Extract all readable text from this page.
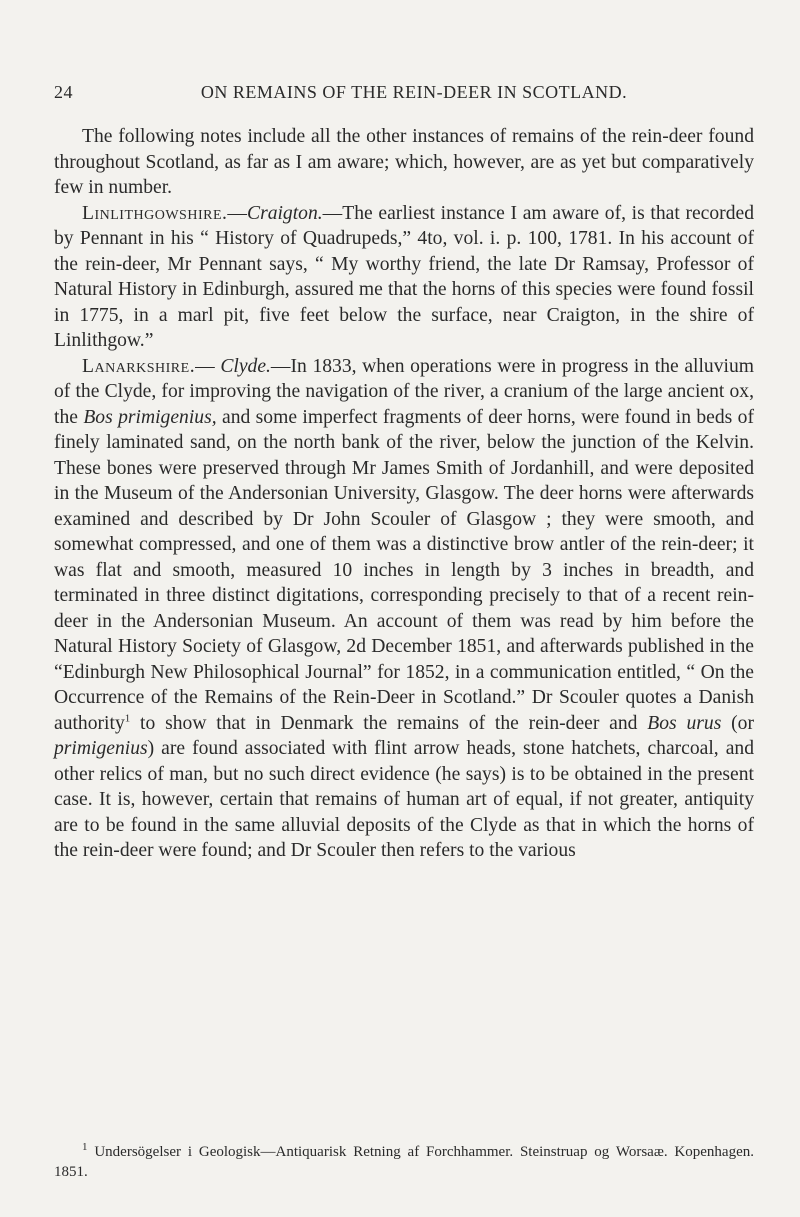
24	ON REMAINS OF THE REIN-DEER IN SCOTLAND.

The following notes include all the other instances of remains of the rein-deer found throughout Scotland, as far as I am aware; which, however, are as yet but comparatively few in number.

Linlithgowshire.—Craigton.—The earliest instance I am aware of, is that recorded by Pennant in his “ History of Quadrupeds,” 4to, vol. i. p. 100, 1781. In his account of the rein-deer, Mr Pennant says, “ My worthy friend, the late Dr Ramsay, Professor of Natural History in Edinburgh, assured me that the horns of this species were found fossil in 1775, in a marl pit, five feet below the surface, near Craigton, in the shire of Linlithgow.”

Lanarkshire.— Clyde.—In 1833, when operations were in progress in the alluvium of the Clyde, for improving the navigation of the river, a cranium of the large ancient ox, the Bos primigenius, and some imperfect fragments of deer horns, were found in beds of finely laminated sand, on the north bank of the river, below the junction of the Kelvin. These bones were preserved through Mr James Smith of Jordanhill, and were deposited in the Museum of the Andersonian University, Glasgow. The deer horns were afterwards examined and described by Dr John Scouler of Glasgow ; they were smooth, and somewhat compressed, and one of them was a distinctive brow antler of the rein-deer; it was flat and smooth, measured 10 inches in length by 3 inches in breadth, and terminated in three distinct digitations, corresponding precisely to that of a recent rein-deer in the Andersonian Museum. An account of them was read by him before the Natural History Society of Glasgow, 2d December 1851, and afterwards published in the “Edinburgh New Philosophical Journal” for 1852, in a communication entitled, “ On the Occurrence of the Remains of the Rein-Deer in Scotland.” Dr Scouler quotes a Danish authority$^1$ to show that in Denmark the remains of the rein-deer and Bos urus (or primigenius) are found associated with flint arrow heads, stone hatchets, charcoal, and other relics of man, but no such direct evidence (he says) is to be obtained in the present case. It is, however, certain that remains of human art of equal, if not greater, antiquity are to be found in the same alluvial deposits of the Clyde as that in which the horns of the rein-deer were found; and Dr Scouler then refers to the various

$^1$ Undersögelser i Geologisk—Antiquarisk Retning af Forchhammer. Steinstruap og Worsaæ. Kopenhagen. 1851.
